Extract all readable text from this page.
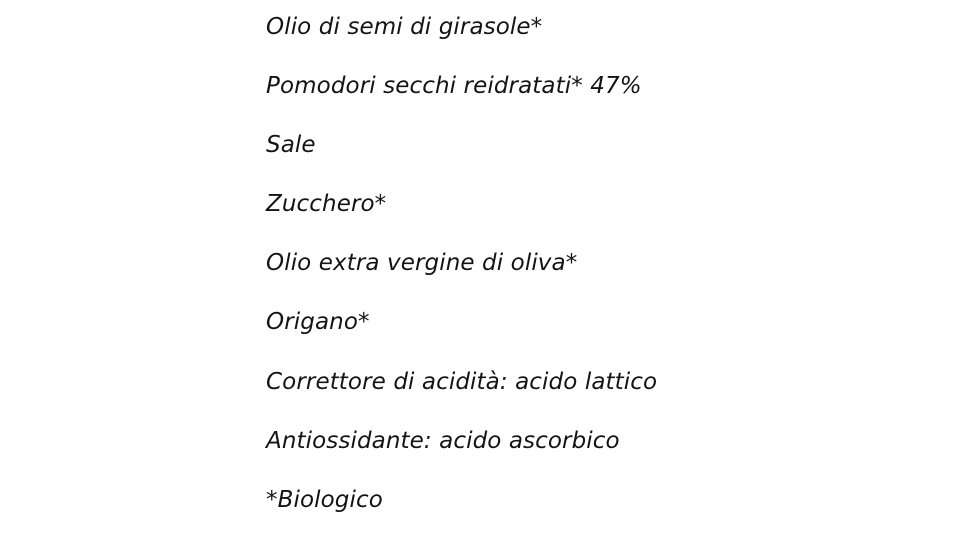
Olio di semi di girasole*
Pomodori secchi reidratati* 47%
Sale
Zucchero*
Olio extra vergine di oliva*
Origano*
Correttore di acidità: acido lattico
Antiossidante: acido ascorbico
*Biologico
